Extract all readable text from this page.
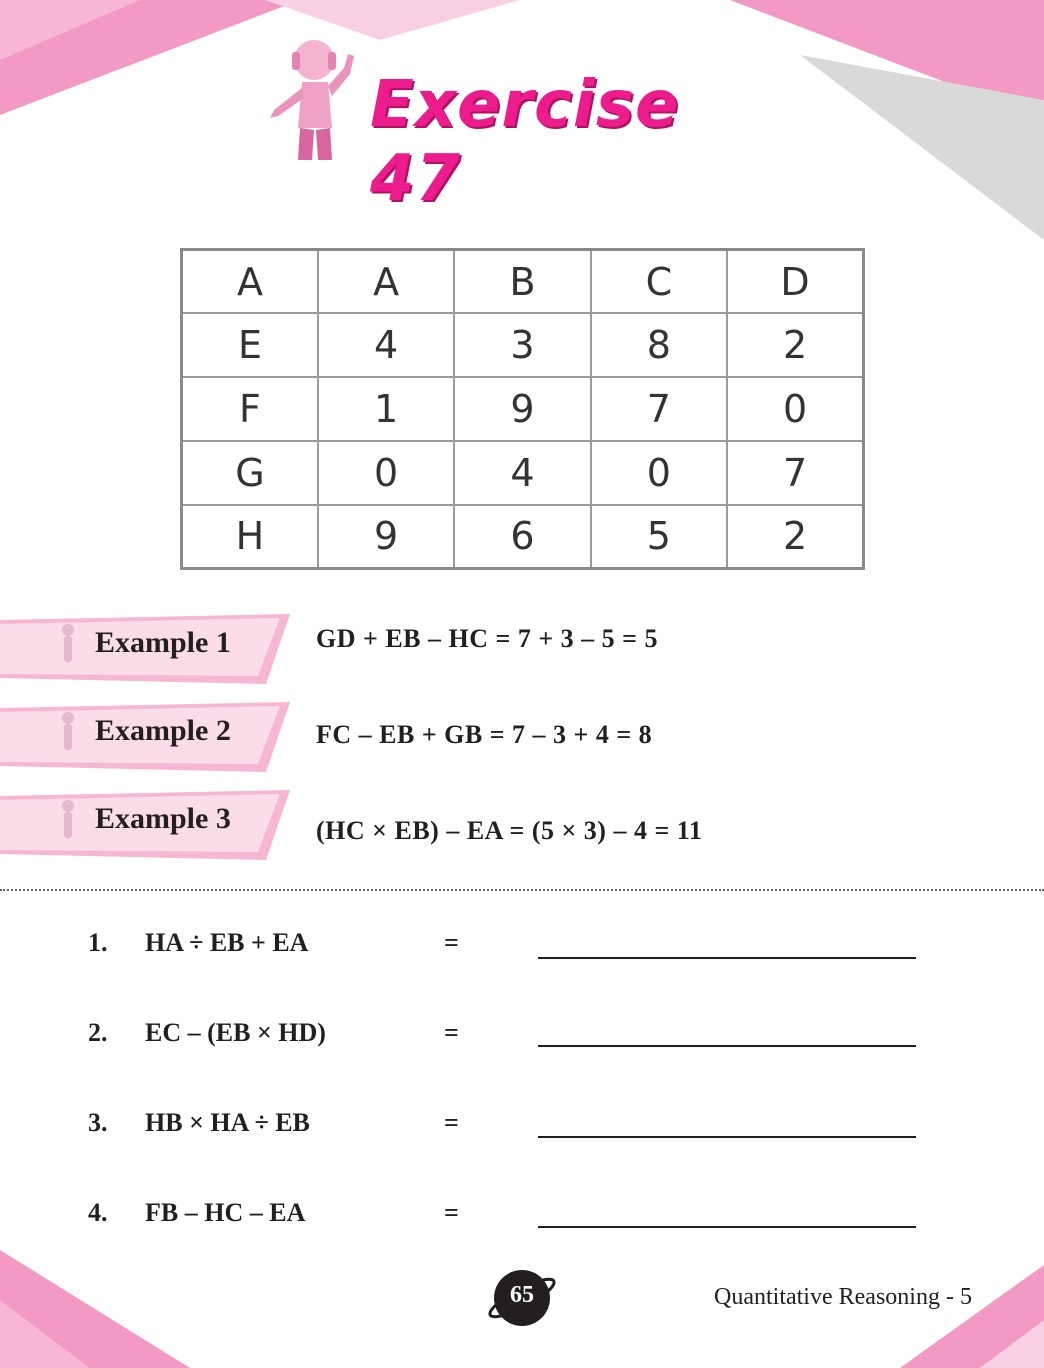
Exercise 47
A	A	B	C	D
E	4	3	8	2
F	1	9	7	0
G	0	4	0	7
H	9	6	5	2
Example 1	GD + EB – HC = 7 + 3 – 5 = 5
Example 2	FC – EB + GB = 7 – 3 + 4 = 8
Example 3	(HC × EB) – EA = (5 × 3) – 4 = 11
1. HA ÷ EB + EA	=
2. EC – (EB × HD)	=
3. HB × HA ÷ EB	=
4. FB – HC – EA	=
65	Quantitative Reasoning - 5
